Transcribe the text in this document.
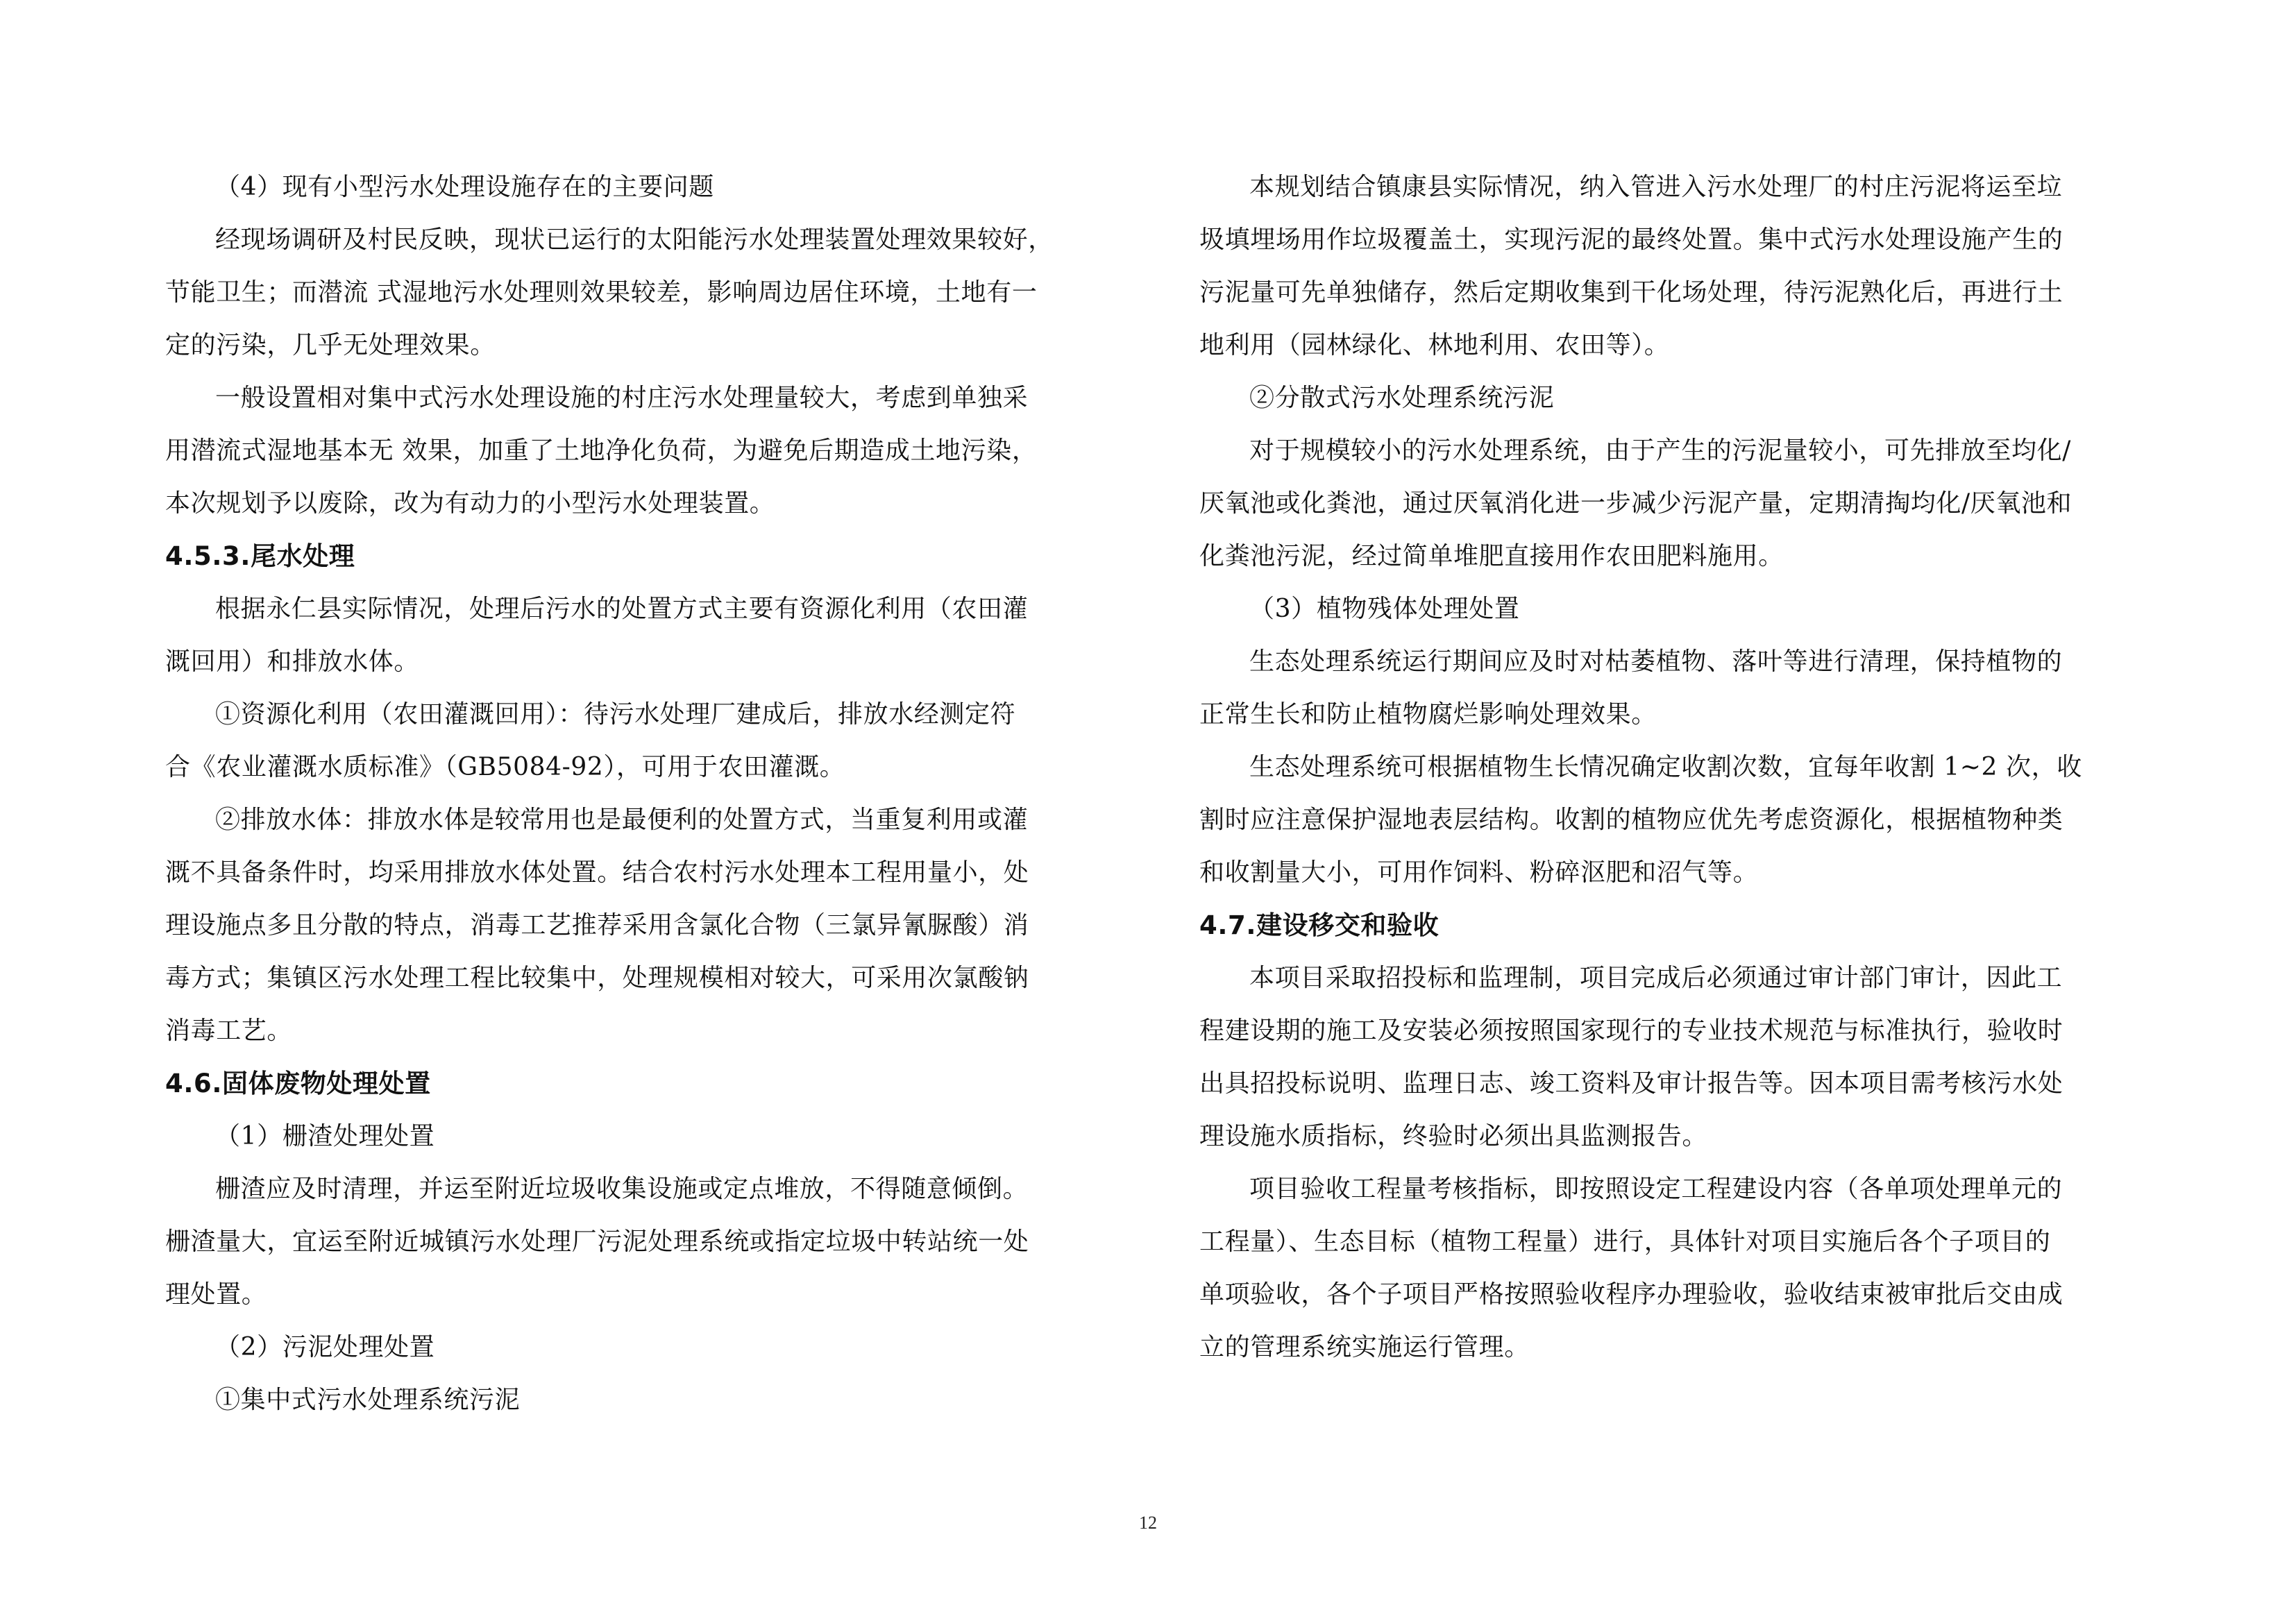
（4）现有小型污水处理设施存在的主要问题
经现场调研及村民反映，现状已运行的太阳能污水处理装置处理效果较好，
节能卫生；而潜流 式湿地污水处理则效果较差，影响周边居住环境，土地有一
定的污染，几乎无处理效果。
一般设置相对集中式污水处理设施的村庄污水处理量较大，考虑到单独采
用潜流式湿地基本无 效果，加重了土地净化负荷，为避免后期造成土地污染，
本次规划予以废除，改为有动力的小型污水处理装置。
4.5.3.尾水处理
根据永仁县实际情况，处理后污水的处置方式主要有资源化利用（农田灌
溉回用）和排放水体。
①资源化利用（农田灌溉回用）：待污水处理厂建成后，排放水经测定符
合《农业灌溉水质标准》（GB5084-92），可用于农田灌溉。
②排放水体：排放水体是较常用也是最便利的处置方式，当重复利用或灌
溉不具备条件时，均采用排放水体处置。结合农村污水处理本工程用量小，处
理设施点多且分散的特点，消毒工艺推荐采用含氯化合物（三氯异氰脲酸）消
毒方式；集镇区污水处理工程比较集中，处理规模相对较大，可采用次氯酸钠
消毒工艺。
4.6.固体废物处理处置
（1）栅渣处理处置
栅渣应及时清理，并运至附近垃圾收集设施或定点堆放，不得随意倾倒。
栅渣量大，宜运至附近城镇污水处理厂污泥处理系统或指定垃圾中转站统一处
理处置。
（2）污泥处理处置
①集中式污水处理系统污泥
本规划结合镇康县实际情况，纳入管进入污水处理厂的村庄污泥将运至垃
圾填埋场用作垃圾覆盖土，实现污泥的最终处置。集中式污水处理设施产生的
污泥量可先单独储存，然后定期收集到干化场处理，待污泥熟化后，再进行土
地利用（园林绿化、林地利用、农田等）。
②分散式污水处理系统污泥
对于规模较小的污水处理系统，由于产生的污泥量较小，可先排放至均化/
厌氧池或化粪池，通过厌氧消化进一步减少污泥产量，定期清掏均化/厌氧池和
化粪池污泥，经过简单堆肥直接用作农田肥料施用。
（3）植物残体处理处置
生态处理系统运行期间应及时对枯萎植物、落叶等进行清理，保持植物的
正常生长和防止植物腐烂影响处理效果。
生态处理系统可根据植物生长情况确定收割次数，宜每年收割 1~2 次，收
割时应注意保护湿地表层结构。收割的植物应优先考虑资源化，根据植物种类
和收割量大小，可用作饲料、粉碎沤肥和沼气等。
4.7.建设移交和验收
本项目采取招投标和监理制，项目完成后必须通过审计部门审计，因此工
程建设期的施工及安装必须按照国家现行的专业技术规范与标准执行，验收时
出具招投标说明、监理日志、竣工资料及审计报告等。因本项目需考核污水处
理设施水质指标，终验时必须出具监测报告。
项目验收工程量考核指标，即按照设定工程建设内容（各单项处理单元的
工程量）、生态目标（植物工程量）进行，具体针对项目实施后各个子项目的
单项验收，各个子项目严格按照验收程序办理验收，验收结束被审批后交由成
立的管理系统实施运行管理。
12
